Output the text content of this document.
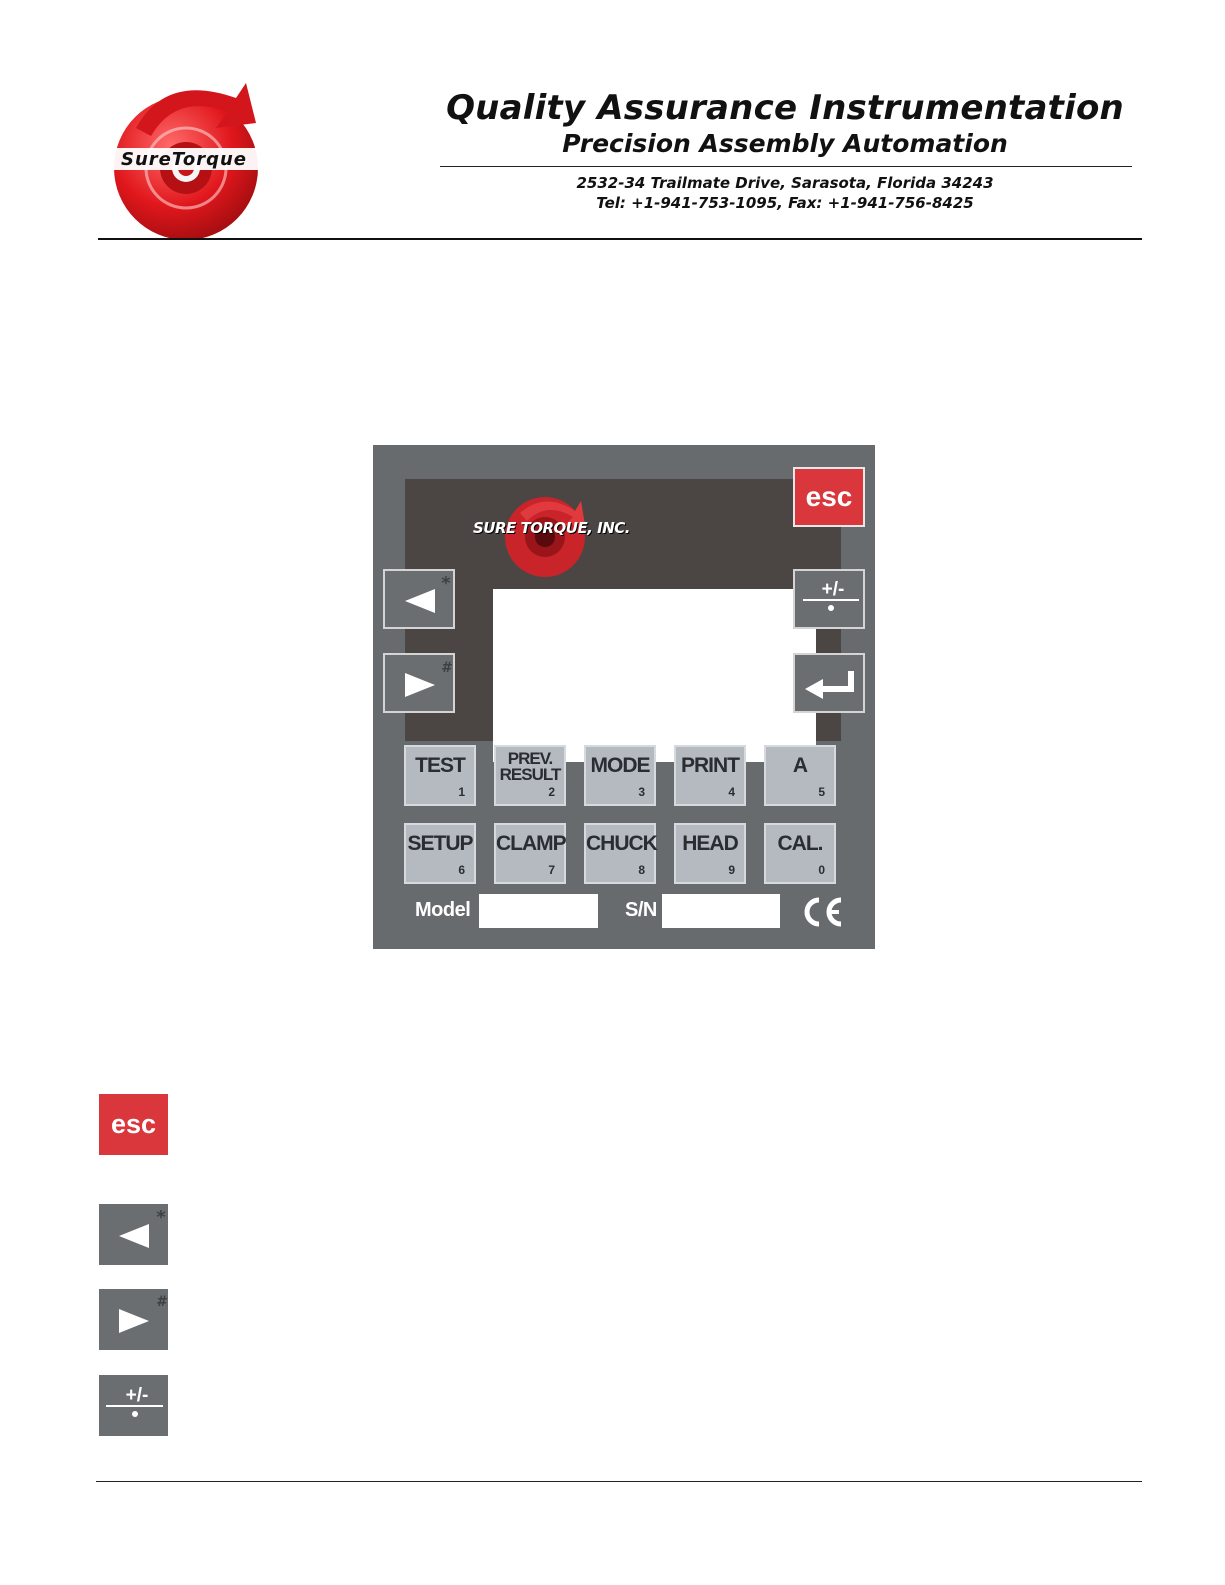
SureTorque
Quality Assurance Instrumentation
Precision Assembly Automation
2532-34 Trailmate Drive, Sarasota, Florida 34243
Tel: +1-941-753-1095, Fax: +1-941-756-8425
SURE TORQUE, INC.
esc
*
#
+/-
TEST
1
PREV.
RESULT
2
MODE
3
PRINT
4
A
5
SETUP
6
CLAMP
7
CHUCK
8
HEAD
9
CAL.
0
Model	S/N
esc
*
#
+/-
